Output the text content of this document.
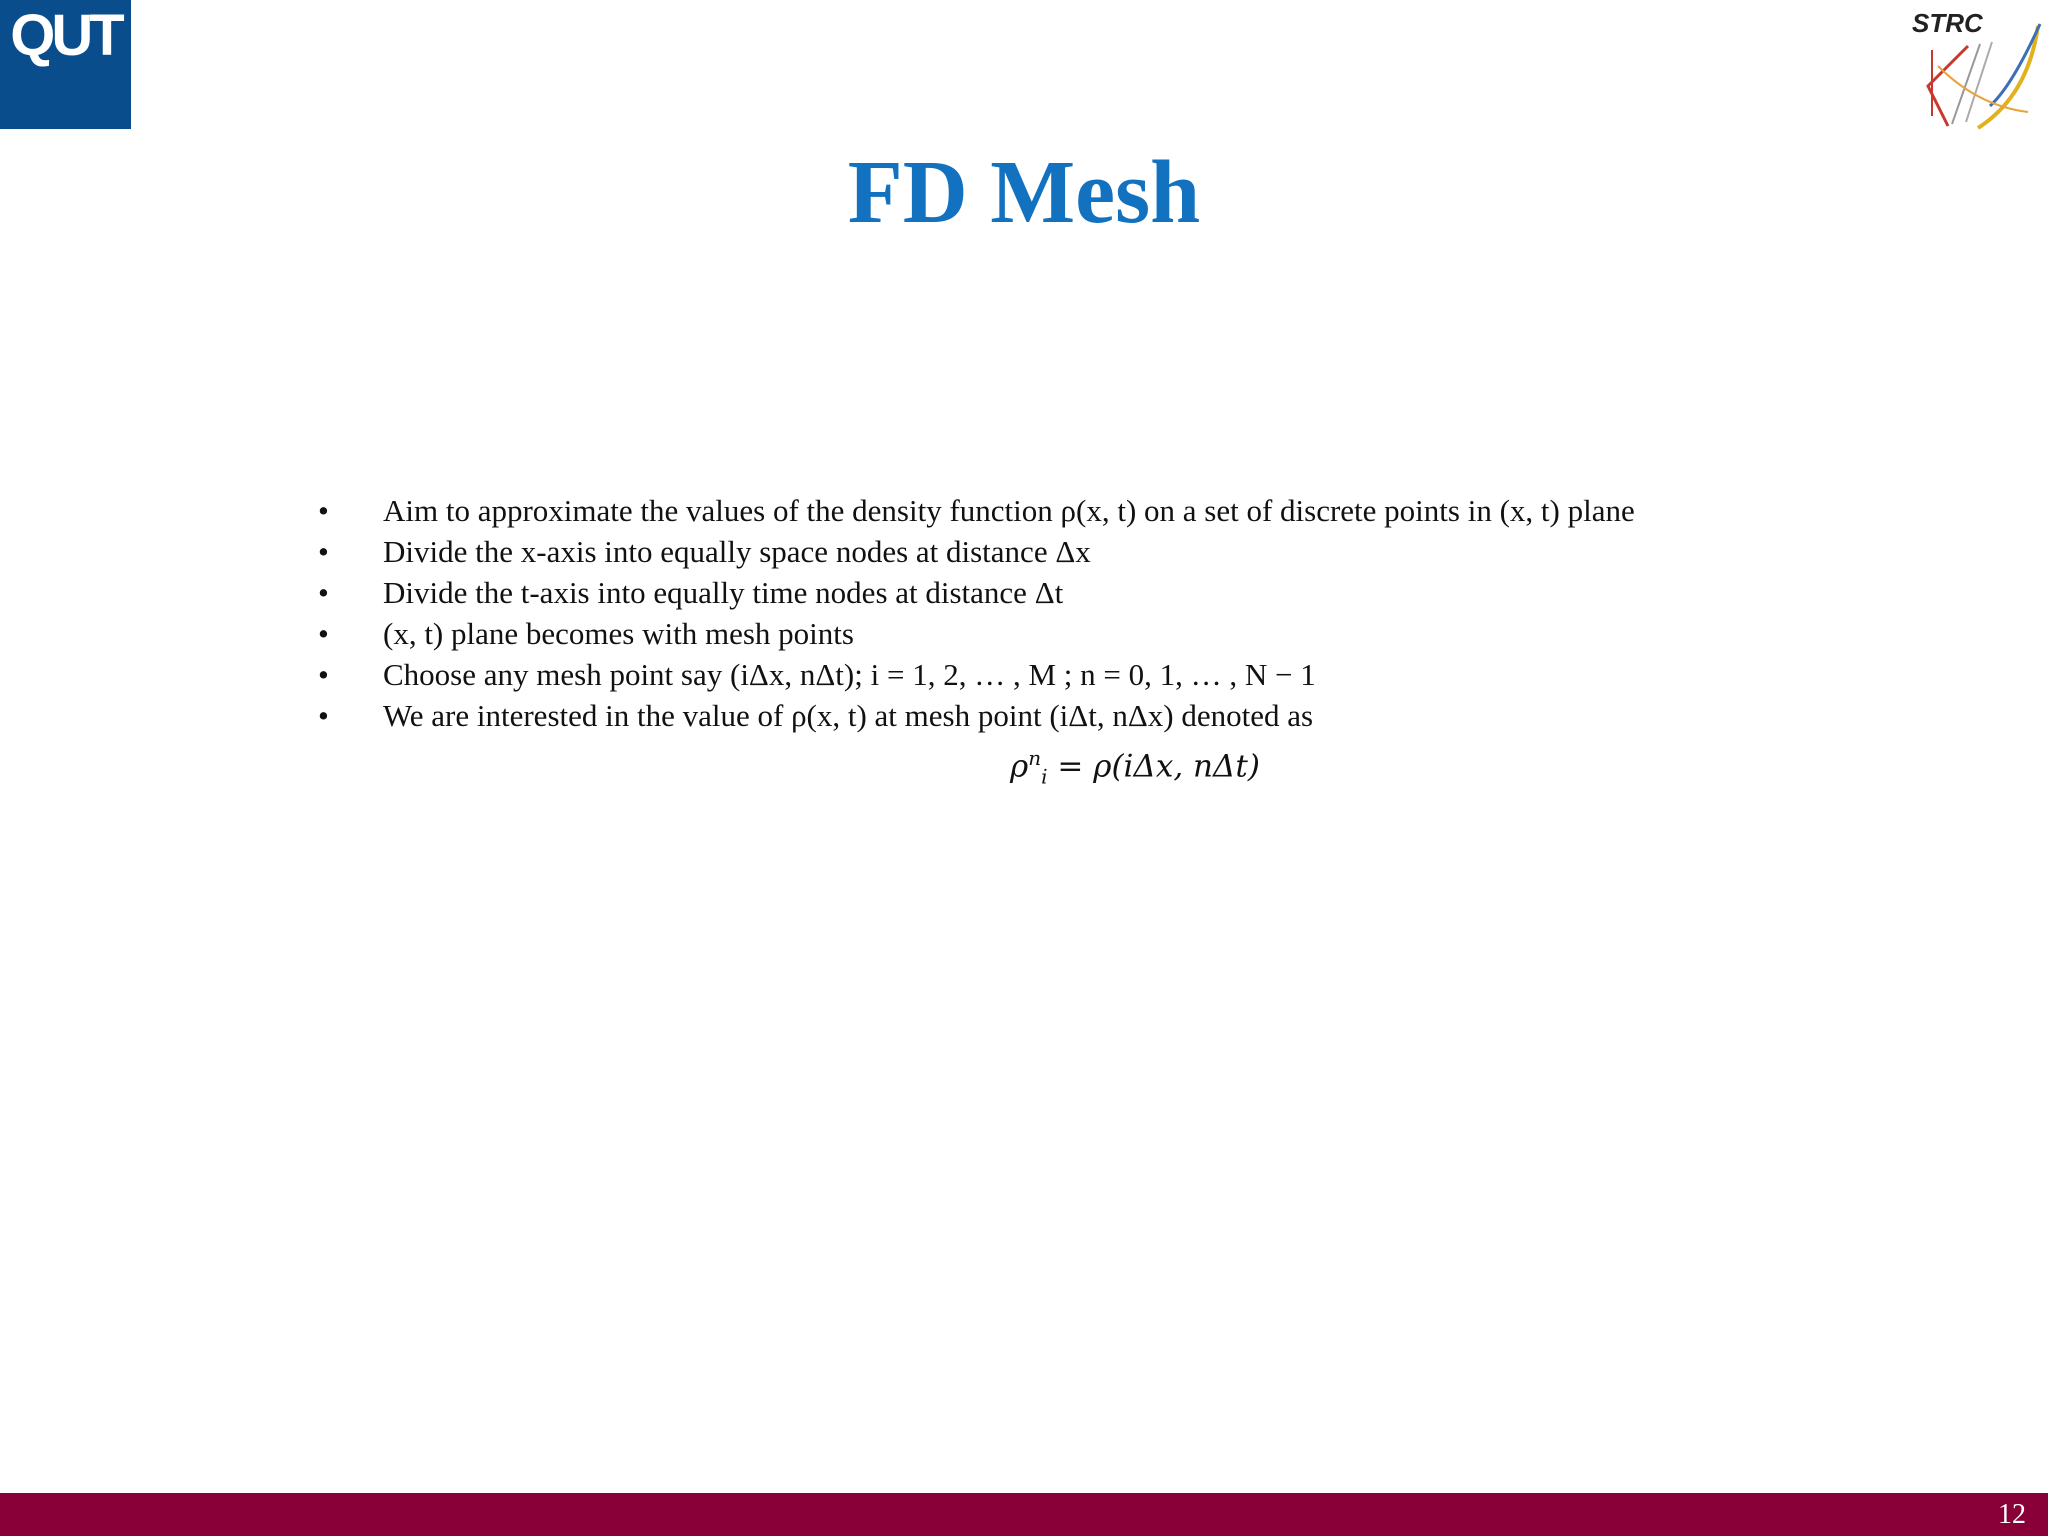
QUT	STRC
FD Mesh
•	Aim to approximate the values of the density function ρ(x, t) on a set of discrete points in (x, t) plane
•	Divide the x-axis into equally space nodes at distance Δx
•	Divide the t-axis into equally time nodes at distance Δt
•	(x, t) plane becomes with mesh points
•	Choose any mesh point say (iΔx, nΔt); i = 1, 2, … , M ; n = 0, 1, … , N − 1
•	We are interested in the value of ρ(x, t) at mesh point (iΔt, nΔx) denoted as
$\rho^n_i = \rho(i\Delta x$, nΔt)
12
